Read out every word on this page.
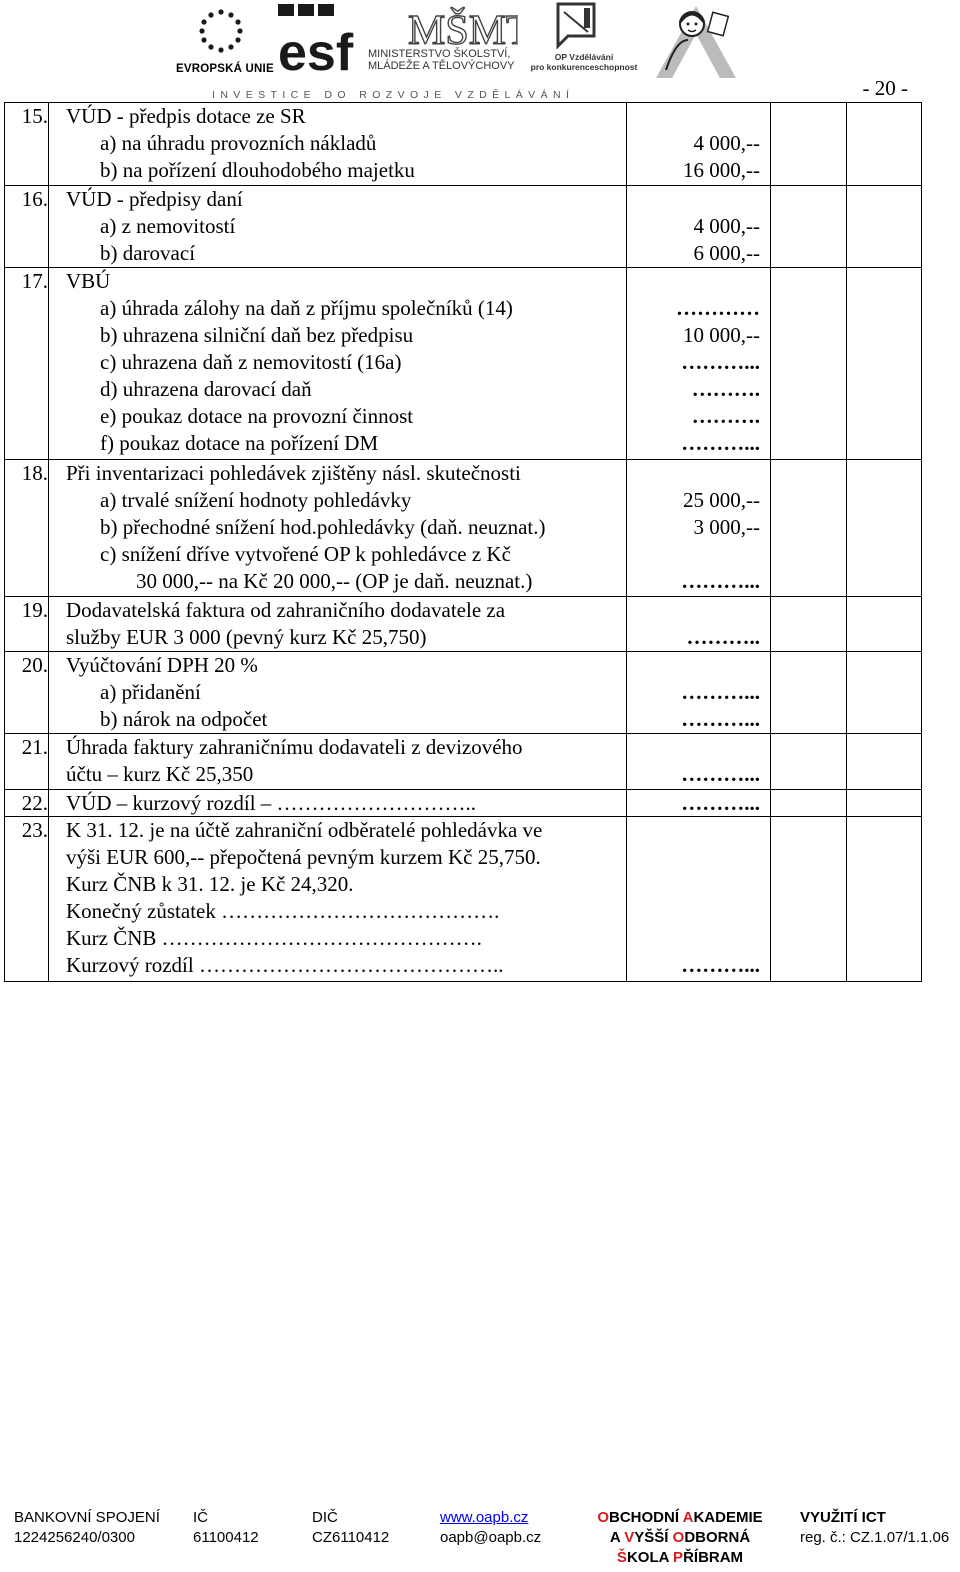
EVROPSKÁ UNIE esf MŠM
MINISTERSTVO ŠKOLSTVÍ,
MLÁDEŽE A TĚLOVÝCHOVY
OP Vzdělávání
pro konkurenceschopnost
INVESTICE DO ROZVOJE VZDĚLÁVÁNÍ	- 20 -
15. VÚD - předpis dotace ze SR
a) na úhradu provozních nákladů	4 000,--
b) na pořízení dlouhodobého majetku	16 000,--
16. VÚD - předpisy daní
a) z nemovitostí	4 000,--
b) darovací	6 000,--
17. VBÚ
a) úhrada zálohy na daň z příjmu společníků (14)	…………
b) uhrazena silniční daň bez předpisu	10 000,--
c) uhrazena daň z nemovitostí (16a)	………...
d) uhrazena darovací daň	……….
e) poukaz dotace na provozní činnost	……….
f) poukaz dotace na pořízení DM	………...
18. Při inventarizaci pohledávek zjištěny násl. skutečnosti
a) trvalé snížení hodnoty pohledávky	25 000,--
b) přechodné snížení hod.pohledávky (daň. neuznat.)	3 000,--
c) snížení dříve vytvořené OP k pohledávce z Kč
30 000,-- na Kč 20 000,-- (OP je daň. neuznat.)	………...
19. Dodavatelská faktura od zahraničního dodavatele za
služby EUR 3 000 (pevný kurz Kč 25,750)	………..
20. Vyúčtování DPH 20 %
a) přidanění	………...
b) nárok na odpočet	………...
21. Úhrada faktury zahraničnímu dodavateli z devizového
účtu – kurz Kč 25,350	………...
22. VÚD – kurzový rozdíl – ………………………..	………...
23. K 31. 12. je na účtě zahraniční odběratelé pohledávka ve
výši EUR 600,-- přepočtená pevným kurzem Kč 25,750.
Kurz ČNB k 31. 12. je Kč 24,320.
Konečný zůstatek ………………………………….
Kurz ČNB ……………………………………….
Kurzový rozdíl ……………………………………..	………...
BANKOVNÍ SPOJENÍ
1224256240/0300
IČ
61100412
DIČ
CZ6110412
www.oapb.cz
oapb@oapb.cz
OBCHODNÍ AKADEMIE
A VYŠŠÍ ODBORNÁ
ŠKOLA PŘÍBRAM
VYUŽITÍ ICT
reg. č.: CZ.1.07/1.1.06
